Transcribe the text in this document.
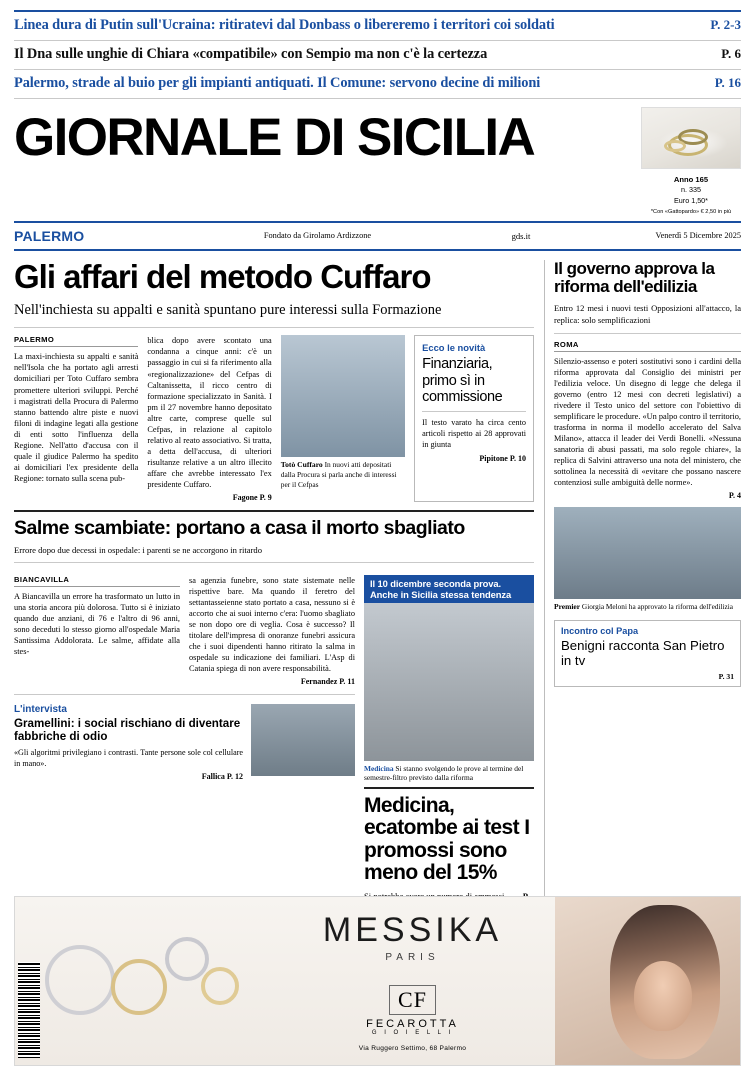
Linea dura di Putin sull'Ucraina: ritiratevi dal Donbass o libereremo i territori coi soldati	P. 2-3
Il Dna sulle unghie di Chiara «compatibile» con Sempio ma non c'è la certezza	P. 6
Palermo, strade al buio per gli impianti antiquati. Il Comune: servono decine di milioni	P. 16
GIORNALE DI SICILIA
Anno 165
n. 335
Euro 1,50*
*Con «Gattopardo» € 2,50 in più
PALERMO	Fondato da Girolamo Ardizzone	gds.it	Venerdì 5 Dicembre 2025
Gli affari del metodo Cuffaro
Nell'inchiesta su appalti e sanità spuntano pure interessi sulla Formazione
PALERMO
La maxi-inchiesta su appalti e sanità nell'Isola che ha portato agli arresti domiciliari per Toto Cuffaro sembra promettere ulteriori sviluppi. Perché i magistrati della Procura di Palermo stanno battendo altre piste e nuovi filoni di indagine legati alla gestione di enti sotto l'influenza della Regione. Nell'atto d'accusa con il quale il giudice Palermo ha spedito ai domiciliari l'ex presidente della Regione: tornato sulla scena pub-
blica dopo avere scontato una condanna a cinque anni: c'è un passaggio in cui si fa riferimento alla «regionalizzazione» del Cefpas di Caltanissetta, il ricco centro di formazione specializzato in Sanità. I pm il 27 novembre hanno depositato altre carte, comprese quelle sul Cefpas, in relazione al capitolo relativo al reato associativo. Si tratta, a detta dell'accusa, di ulteriori risultanze relative a un altro illecito affare che avrebbe interessato l'ex presidente Cuffaro.
Fagone P. 9
Totò Cuffaro In nuovi atti depositati dalla Procura si parla anche di interessi per il Cefpas
Ecco le novità
Finanziaria, primo sì in commissione
Il testo varato ha circa cento articoli rispetto ai 28 approvati in giunta
Pipitone P. 10
Salme scambiate: portano a casa il morto sbagliato
Errore dopo due decessi in ospedale: i parenti se ne accorgono in ritardo
BIANCAVILLA
A Biancavilla un errore ha trasformato un lutto in una storia ancora più dolorosa. Tutto si è iniziato quando due anziani, di 76 e l'altro di 96 anni, sono deceduti lo stesso giorno all'ospedale Maria Santissima Addolorata. Le salme, affidate alla stes-
sa agenzia funebre, sono state sistemate nelle rispettive bare. Ma quando il feretro del settantasseienne stato portato a casa, nessuno si è accorto che ai suoi interno c'era: l'uomo sbagliato se non dopo ore di veglia. Cosa è successo? Il titolare dell'impresa di onoranze funebri assicura che i suoi dipendenti hanno ritirato la salma in ospedale su indicazione dei familiari. L'Asp di Catania spiega di non avere responsabilità.
Fernandez P. 11
L'intervista
Gramellini: i social rischiano di diventare fabbriche di odio
«Gli algoritmi privilegiano i contrasti. Tante persone sole col cellulare in mano».
Fallica P. 12
Il 10 dicembre seconda prova. Anche in Sicilia stessa tendenza
Medicina Si stanno svolgendo le prove al termine del semestre-filtro previsto dalla riforma
Medicina, ecatombe ai test I promossi sono meno del 15%
Il governo approva la riforma dell'edilizia
Entro 12 mesi i nuovi testi Opposizioni all'attacco, la replica: solo semplificazioni
ROMA
Silenzio-assenso e poteri sostitutivi sono i cardini della riforma approvata dal Consiglio dei ministri per l'edilizia veloce. Un disegno di legge che delega il governo (entro 12 mesi con decreti legislativi) a rivedere il Testo unico del settore con l'obiettivo di semplificare le procedure. «Un palpo contro il territorio, trasforma in norma il modello accelerato del Salva Milano», attacca il leader dei Verdi Bonelli. «Nessuna sanatoria di abusi passati, ma solo regole chiare», la replica di Salvini attraverso una nota del ministero, che sottolinea la necessità di «evitare che possano nascere contenziosi sulle ambiguità delle norme».
P. 4
Premier Giorgia Meloni ha approvato la riforma dell'edilizia
Incontro col Papa
Benigni racconta San Pietro in tv
P. 31
MESSIKA
PARIS
CF
FECAROTTA
G I O I E L L I
Via Ruggero Settimo, 68 Palermo
